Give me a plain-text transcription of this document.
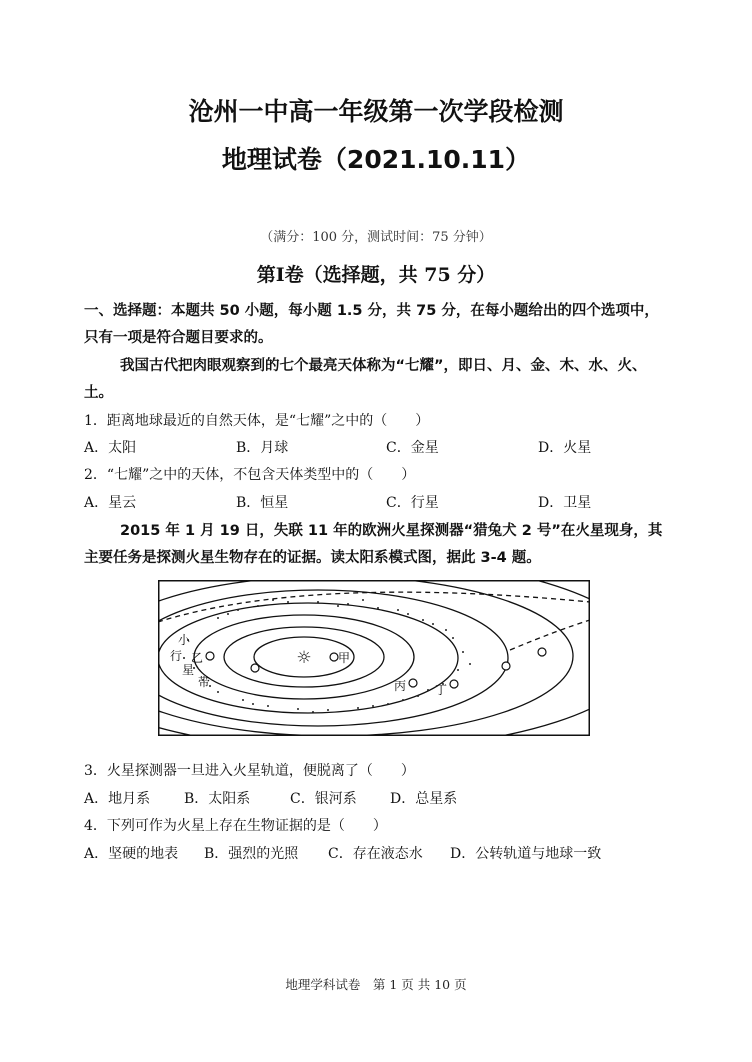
沧州一中高一年级第一次学段检测
地理试卷（2021.10.11）
（满分：100 分，测试时间：75 分钟）
第Ⅰ卷（选择题，共 75 分）
一、选择题：本题共 50 小题，每小题 1.5 分，共 75 分，在每小题给出的四个选项中，
只有一项是符合题目要求的。
我国古代把肉眼观察到的七个最亮天体称为“七耀”，即日、月、金、木、水、火、
土。
1．距离地球最近的自然天体，是“七耀”之中的（　　）
A．太阳	B．月球	C．金星	D．火星
2．“七耀”之中的天体，不包含天体类型中的（　　）
A．星云	B．恒星	C．行星	D．卫星
2015 年 1 月 19 日，失联 11 年的欧洲火星探测器“猎兔犬 2 号”在火星现身，其
主要任务是探测火星生物存在的证据。读太阳系模式图，据此 3-4 题。
☼ 甲
乙
丙 丁
小
行
星
带
3．火星探测器一旦进入火星轨道，便脱离了（　　）
A．地月系 B．太阳系	C．银河系 D．总星系
4．下列可作为火星上存在生物证据的是（　　）
A．坚硬的地表 B．强烈的光照 C．存在液态水 D．公转轨道与地球一致
地理学科试卷　第 1 页 共 10 页
